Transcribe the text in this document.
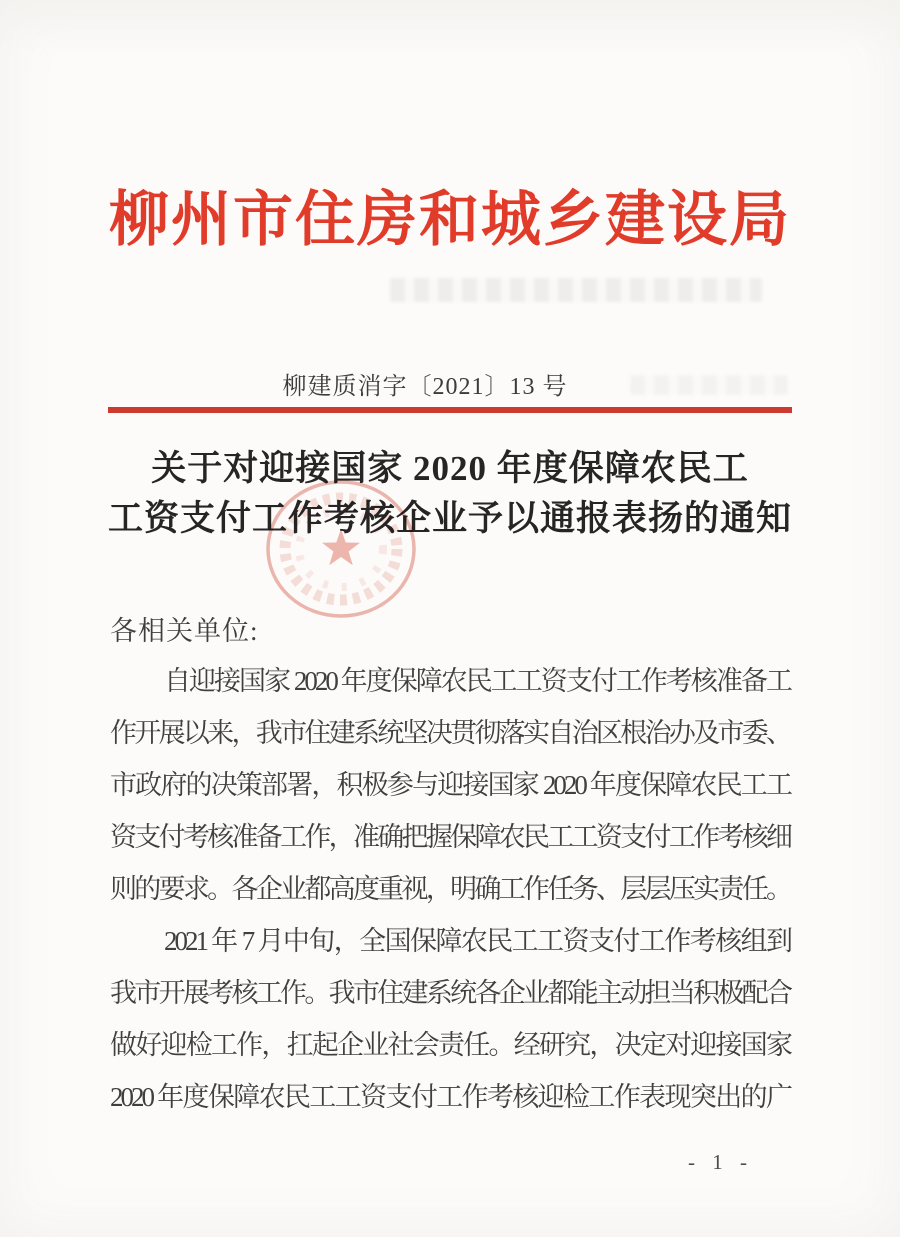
柳州市住房和城乡建设局
柳建质消字〔2021〕13 号
关于对迎接国家 2020 年度保障农民工
工资支付工作考核企业予以通报表扬的通知
各相关单位:
自迎接国家 2020 年度保障农民工工资支付工作考核准备工
作开展以来，我市住建系统坚决贯彻落实自治区根治办及市委、
市政府的决策部署，积极参与迎接国家 2020 年度保障农民工工
资支付考核准备工作，准确把握保障农民工工资支付工作考核细
则的要求。各企业都高度重视，明确工作任务、层层压实责任。
2021 年 7 月中旬，全国保障农民工工资支付工作考核组到
我市开展考核工作。我市住建系统各企业都能主动担当积极配合
做好迎检工作，扛起企业社会责任。经研究，决定对迎接国家
2020 年度保障农民工工资支付工作考核迎检工作表现突出的广
- 1 -
